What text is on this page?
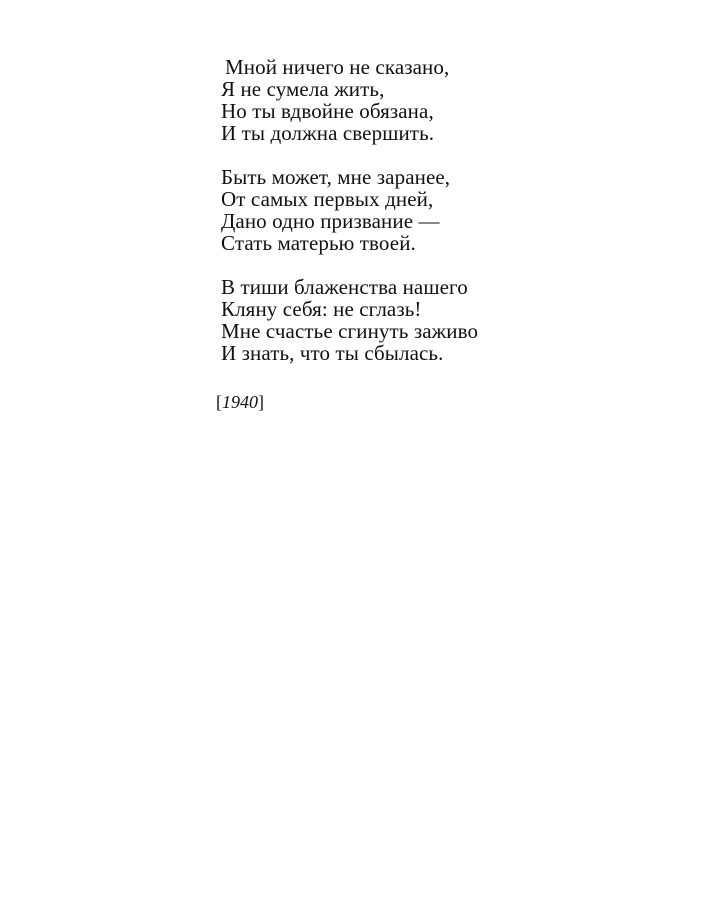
Мной ничего не сказано,
Я не сумела жить,
Но ты вдвойне обязана,
И ты должна свершить.
Быть может, мне заранее,
От самых первых дней,
Дано одно призвание —
Стать матерью твоей.
В тиши блаженства нашего
Кляну себя: не сглазь!
Мне счастье сгинуть заживо
И знать, что ты сбылась.
[1940]
